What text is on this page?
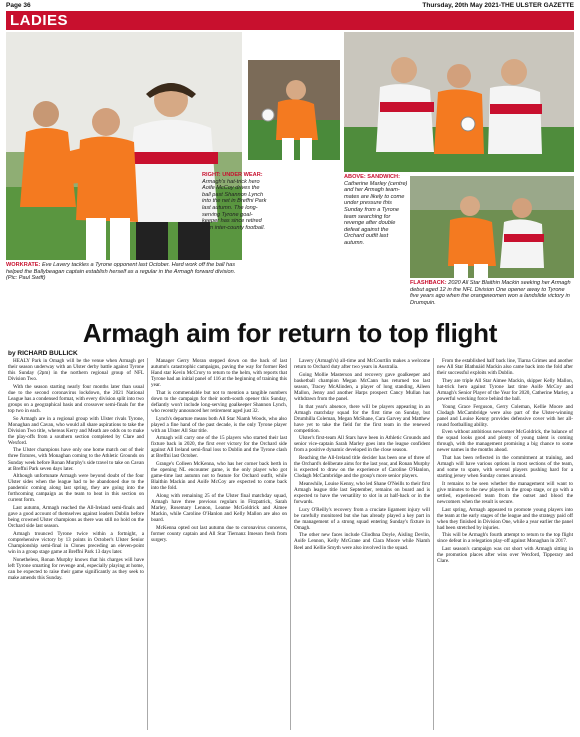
Page 36	Thursday, 20th May 2021-THE ULSTER GAZETTE
LADIES
WORKRATE: Eve Lavery tackles a Tyrone opponent last October. Hard work off the ball has helped the Ballybeagan captain establish herself as a regular in the Armagh forward division. (Pic: Paul Swift)
RIGHT: UNDER WEAR: Armagh's hat-trick hero Aoife McCoy drives the ball past Shannon Lynch into the net in Breffni Park last autumn. The long-serving Tyrone goal-keeper has since retired from inter-county football.
ABOVE: SANDWICH: Catherine Marley (centre) and her Armagh team-mates are likely to come under pressure this Sunday from a Tyrone team searching for revenge after double defeat against the Orchard outfit last autumn.
FLASHBACK: 2020 All Star Blaithin Mackin seeking her Armagh debut aged 12 in the NFL Division One opener away to Tyrone five years ago when the orangewomen won a landslide victory in Drumquin.
Armagh aim for return to top flight
by RICHARD BULLICK

HEALY Park in Omagh will be the venue when Armagh get their season underway with an Ulster derby battle against Tyrone this Sunday (2pm) in the northern regional group of NFL Division Two.

With the season starting nearly four months later than usual due to the second coronavirus lockdown, the 2021 National League has a condensed format, with every division split into two groups on a geographical basis and crossover semi-finals for the top two in each.

So Armagh are in a regional group with Ulster rivals Tyrone, Monaghan and Cavan, who would all share aspirations to take the Division Two title, whereas Kerry and Meath are odds on to make the play-offs from a southern section completed by Clare and Wexford.

The Ulster champions have only one home match out of their three fixtures, with Monaghan coming to the Athletic Grounds on Sunday week before Ronan Murphy's side travel to take on Cavan at Breffni Park seven days later.

Although unfortunate Armagh were beyond doubt of the four Ulster sides when the league had to be abandoned due to the pandemic coming along last spring, they are going into the forthcoming campaign as the team to beat in this section on current form.

Last autumn, Armagh reached the All-Ireland semi-finals and gave a good account of themselves against leaders Dublin before being crowned Ulster champions as there was still no hold on the Orchard side last season.

Armagh trounced Tyrone twice within a fortnight, a comprehensive victory by 13 points in October's Ulster Senior Championship semi-final in Clones preceding an eleven-point win in a group stage game at Breffni Park 13 days later.

Nonetheless, Ronan Murphy knows that his charges will have left Tyrone smarting for revenge and, especially playing at home, can be expected to raise their game significantly as they seek to make amends this Sunday.

Manager Gerry Moran stepped down on the back of last autumn's catastrophic campaigns, paving the way for former Red Hand star Kevin McCrory to return to the helm, with reports that Tyrone had an initial panel of 116 at the beginning of training this year.

That is commendable but not to mention a tangible numbers down to the campaign for their north-south opener this Sunday, defiantly won't include long-serving goalkeeper Shannon Lynch, who recently announced her retirement aged just 32.

Lynch's departure means both All Star Niamh Woods, who also played a fine hand of the past decade, is the only Tyrone player with an Ulster All Star title.

Armagh will carry one of the 15 players who started their last fixture back in 2020, the first ever victory for the Orchard side against All Ireland semi-final loss to Dublin and the Tyrone clash at Breffni last October.

Grange's Colleen McKenna, who has her corner back berth in the opening NL encounter game, is the only player who got game-time last autumn not to feature for Orchard outfit, while Blaithin Mackin and Aoife McCoy are expected to come back into the fold.

Along with remaining 25 of the Ulster final matchday squad, Armagh have three previous regulars in Fitzpatrick, Sarah Marley, Rosemary Lennon, Leanne McGoldrick and Aimee Mackin, while Caroline O'Hanlon and Kelly Mallon are also on board.

McKenna opted out last autumn due to coronavirus concerns, former county captain and All Star Tiernanz Imeson fresh from surgery.

Lavery (Armagh's) all-time and McCourtlin makes a welcome return to Orchard duty after two years in Australia.

Going Mollie Masterson and recovery gave goalkeeper and basketball champion Megan McCann has returned too last season, Tracey McAlinden, a player of long standing, Aileen Mallon, Jenny and another Harps prospect Cancy Mullan has withdrawn from the panel.

In that year's absence, there will be players appearing in an Armagh matchday squad for the first time on Sunday, but Drumhilla Coleman, Megan McShane, Cara Garvey and Matthew have yet to take the field for the first team in the renewed competition.

Ulster's first-team All Stars have been in Athletic Grounds and senior vice-captain Sarah Marley goes into the league confident from a positive dynamic developed in the close season.

Reaching the All-Ireland title decider has been one of three of the Orchard's deliberate aims for the last year, and Ronan Murphy is expected to draw on the experience of Caroline O'Hanlon, Clodagh McCambridge and the group's more senior players.

Meanwhile, Louise Kenny, who led Shane O'Neills to their first Armagh league title last September, remains on board and is expected to have the versatility to slot in at half-back or in the forwards.

Lucy O'Reilly's recovery from a cruciate ligament injury will be carefully monitored but she has already played a key part in the management of a strong squad entering Sunday's fixture in Omagh.

The other new faces include Cliodhna Doyle, Aisling Devlin, Aoife Lennon, Kelly McGrane and Ciara Moore while Niamh Reel and Kellie Smyth were also involved in the squad.

From the established half back line, Tiarna Grimes and another new All Star Blathnáid Mackin also came back into the fold after their successful exploits with Dublin.

They are triple All Star Aimee Mackin, skipper Kelly Mallon, hat-trick hero against Tyrone last time Aoife McCoy and Armagh's Senior Player of the Year for 2020, Catherine Marley, a powerful wrecking force behind the ball.

Young Grace Ferguson, Gerry Coleman, Kellie Moore and Clodagh McCambridge were also part of the Ulster-winning panel and Louise Kenny provides defensive cover with her all-round footballing ability.

Even without ambitious newcomer McGoldrick, the balance of the squad looks good and plenty of young talent is coming through, with the management promising a big chance to some newer names in the months ahead.

That has been reflected in the commitment at training, and Armagh will have various options in most sections of the team, and some to spare, with several players pushing hard for a starting jersey when Sunday comes around.

It remains to be seen whether the management will want to give minutes to the new players in the group stage, or go with a settled, experienced team from the outset and blood the newcomers when the result is secure.

Last spring, Armagh appeared to promote young players into the team at the early stages of the league and the strategy paid off when they finished in Division One, while a year earlier the panel had been stretched by injuries.

This will be Armagh's fourth attempt to return to the top flight since defeat in a relegation play-off against Monaghan in 2017.

Last season's campaign was cut short with Armagh sitting in the promotion places after wins over Wexford, Tipperary and Clare.
